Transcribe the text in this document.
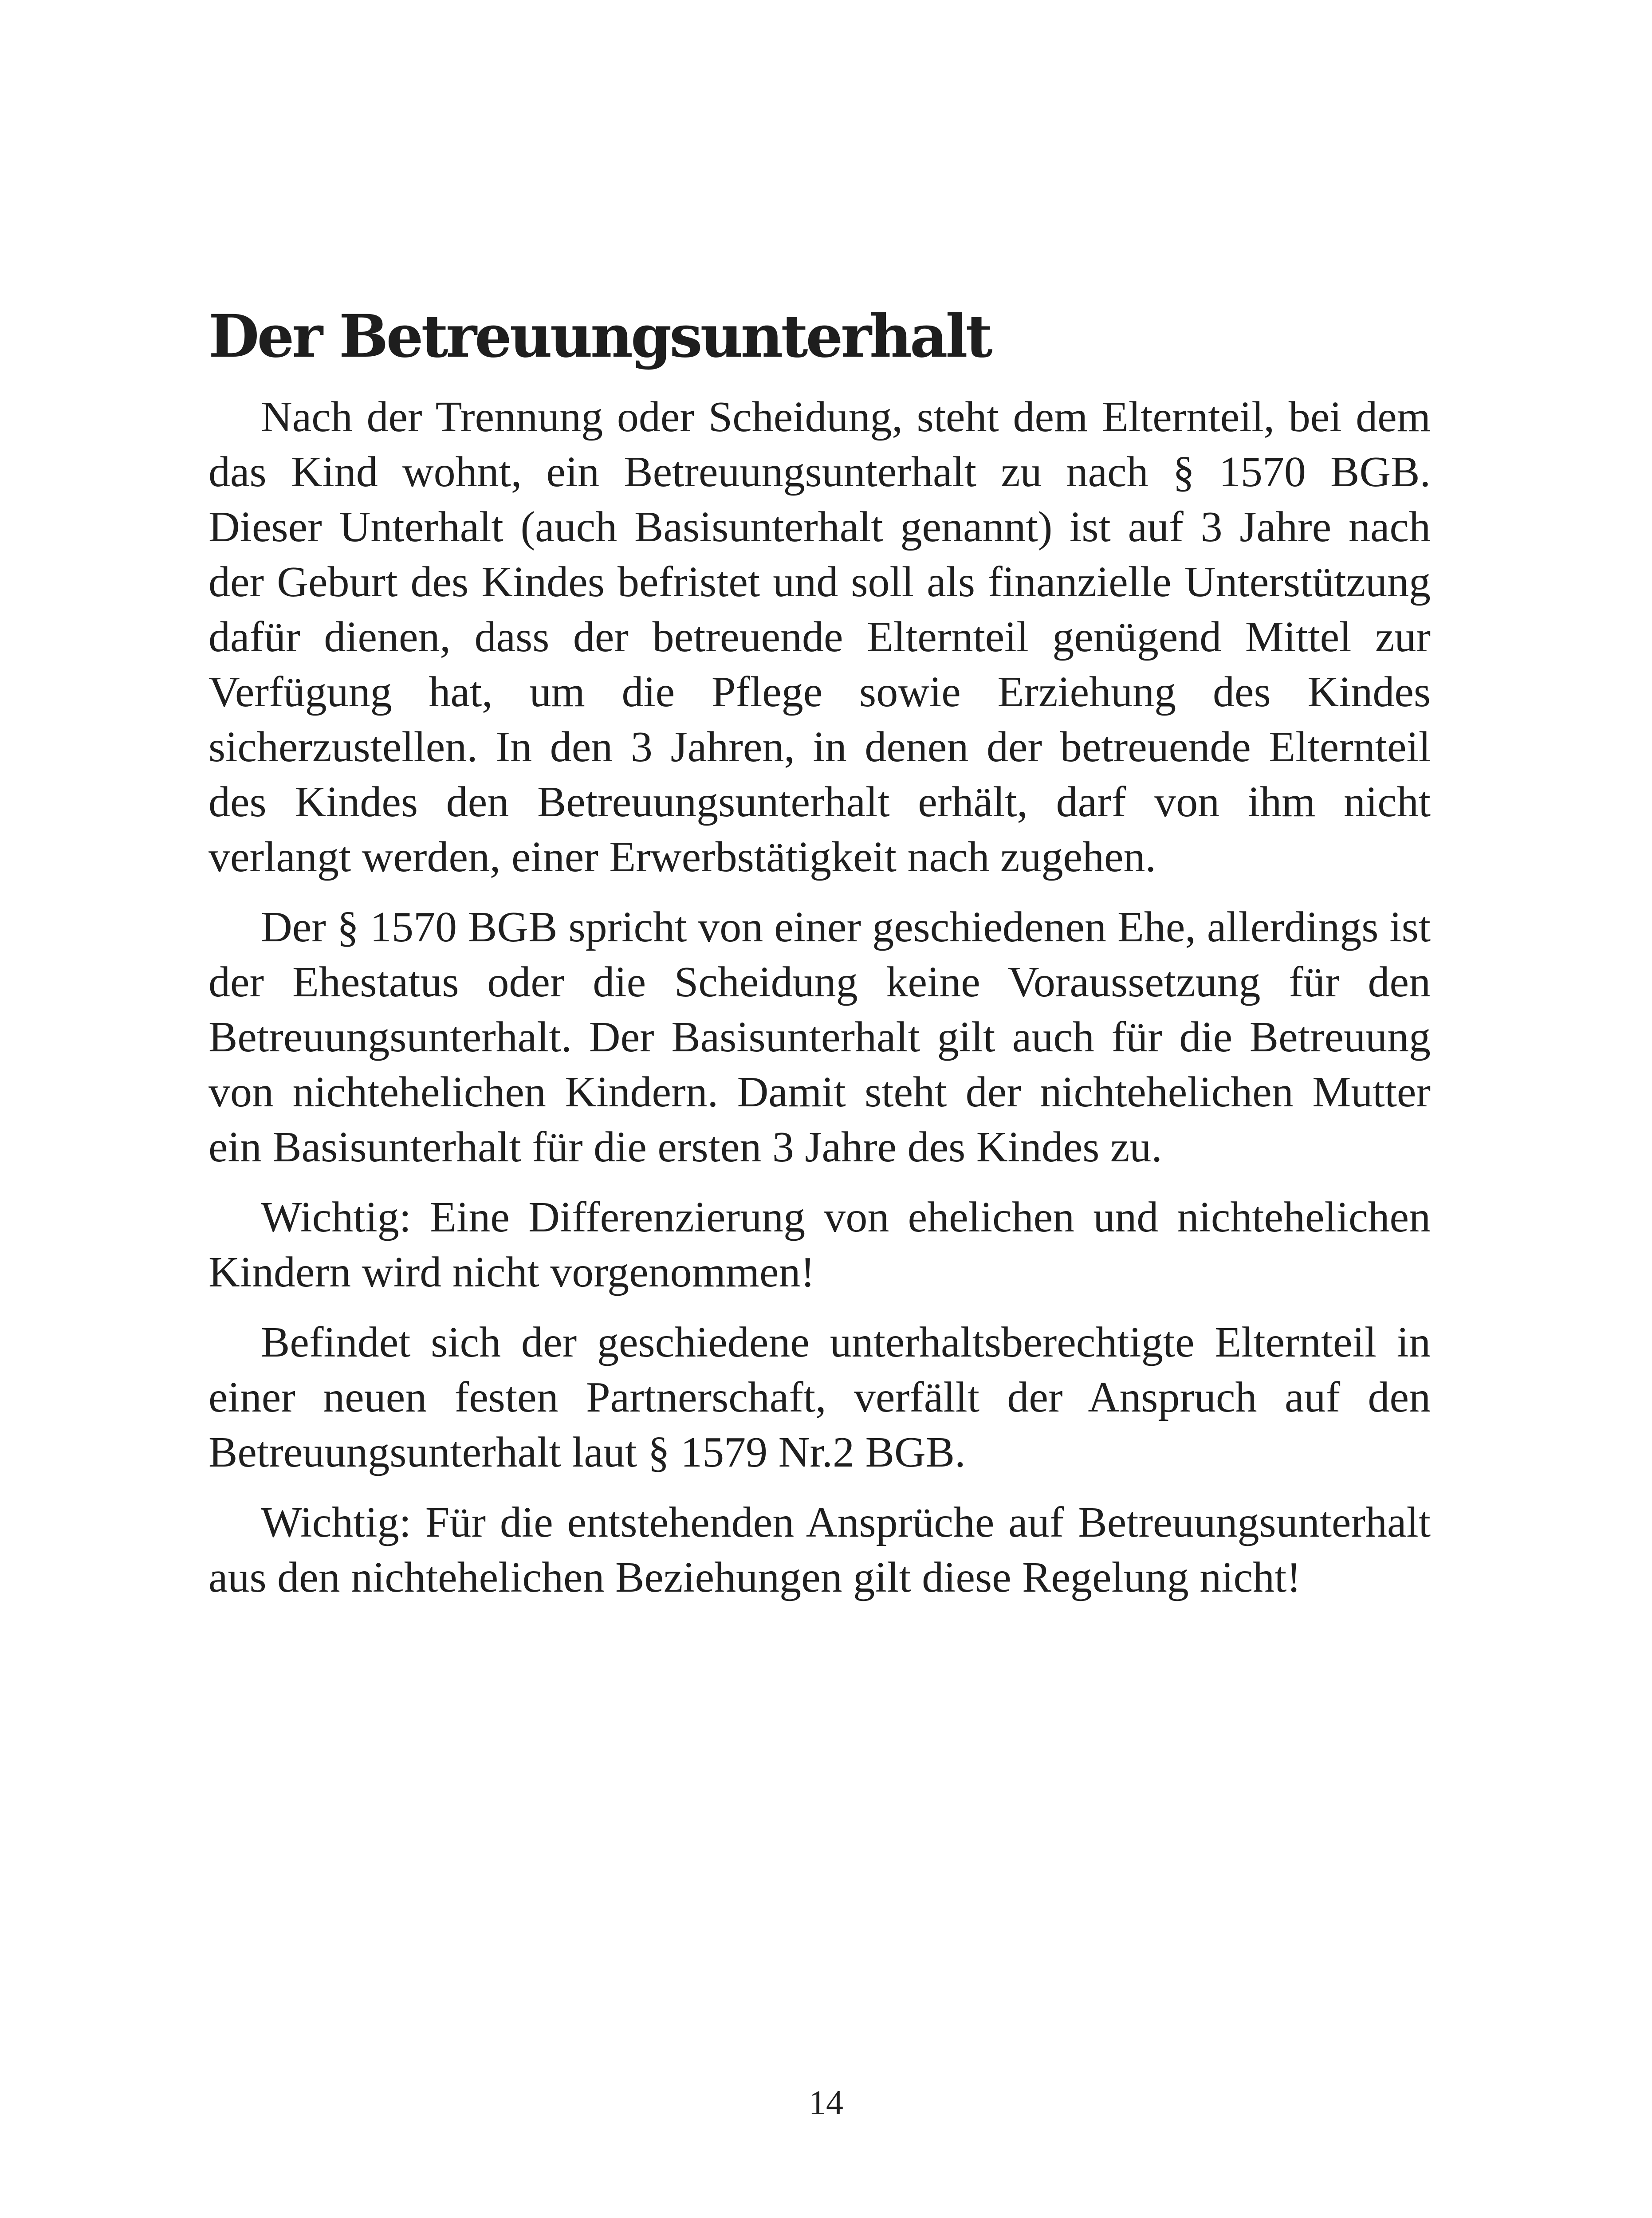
Der Betreuungsunterhalt

Nach der Trennung oder Scheidung, steht dem Elternteil, bei dem das Kind wohnt, ein Betreuungsunterhalt zu nach § 1570 BGB. Dieser Unterhalt (auch Basisunterhalt genannt) ist auf 3 Jahre nach der Geburt des Kindes befristet und soll als finanzielle Unterstützung dafür dienen, dass der betreuende Elternteil genügend Mittel zur Verfügung hat, um die Pflege sowie Erziehung des Kindes sicherzustellen. In den 3 Jahren, in denen der betreuende Elternteil des Kindes den Betreuungsunterhalt erhält, darf von ihm nicht verlangt werden, einer Erwerbstätigkeit nach zugehen.

Der § 1570 BGB spricht von einer geschiedenen Ehe, allerdings ist der Ehestatus oder die Scheidung keine Voraussetzung für den Betreuungsunterhalt. Der Basisunterhalt gilt auch für die Betreuung von nichtehelichen Kindern. Damit steht der nichtehelichen Mutter ein Basisunterhalt für die ersten 3 Jahre des Kindes zu.

Wichtig: Eine Differenzierung von ehelichen und nichtehelichen Kindern wird nicht vorgenommen!

Befindet sich der geschiedene unterhaltsberechtigte Elternteil in einer neuen festen Partnerschaft, verfällt der Anspruch auf den Betreuungsunterhalt laut § 1579 Nr.2 BGB.

Wichtig: Für die entstehenden Ansprüche auf Betreuungsunterhalt aus den nichtehelichen Beziehungen gilt diese Regelung nicht!

14
